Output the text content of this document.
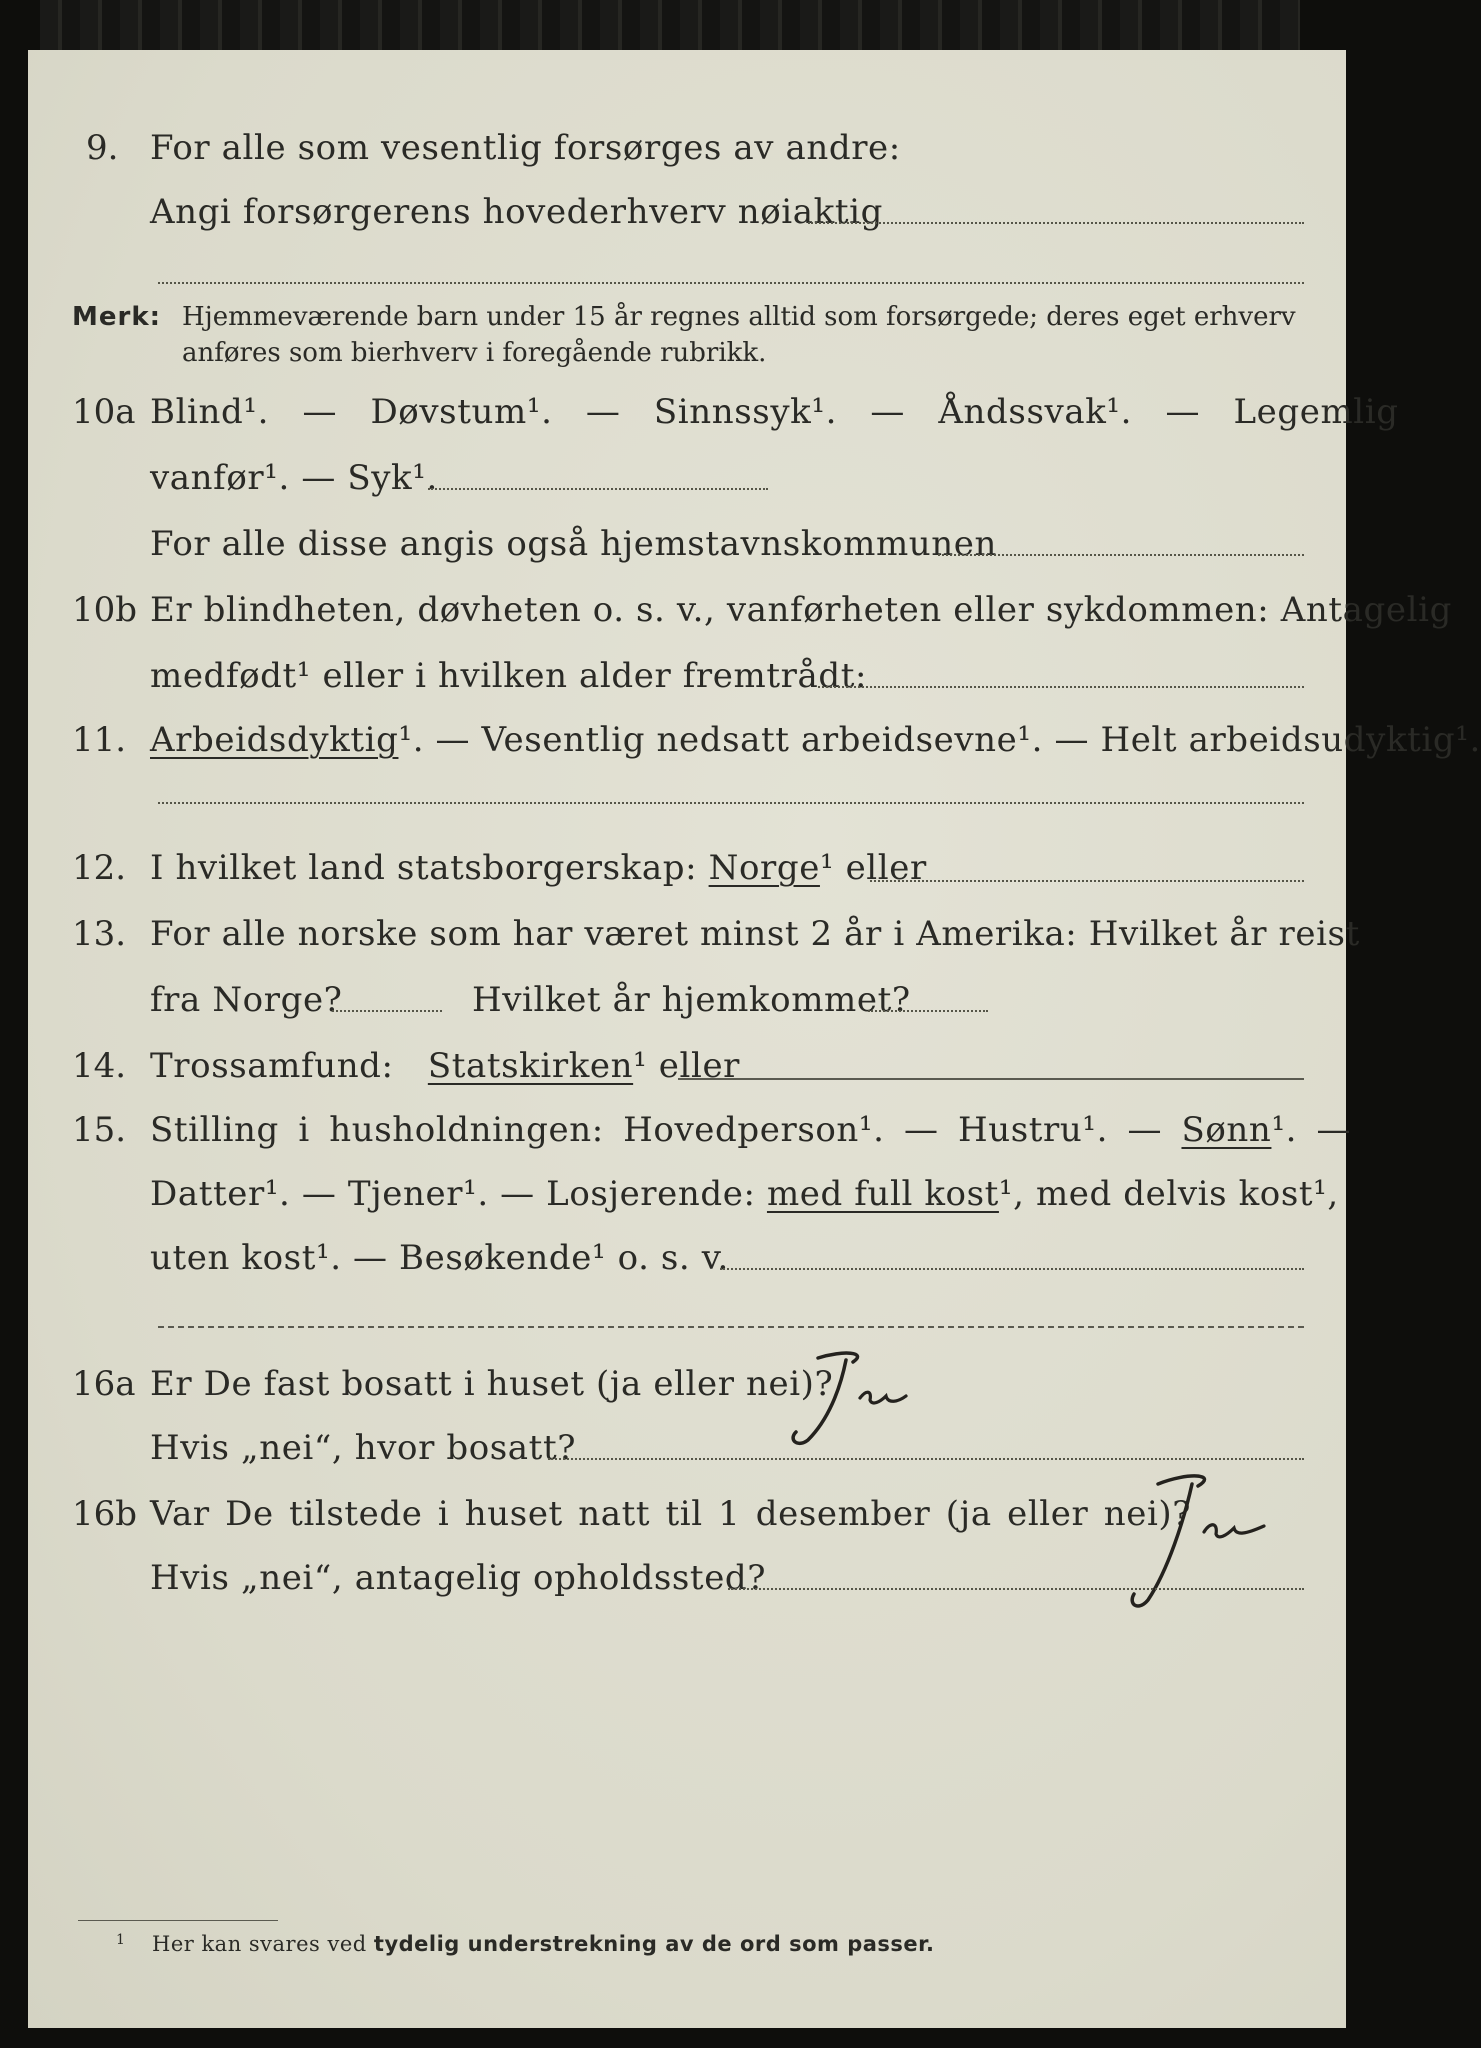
9. For alle som vesentlig forsørges av andre:
Angi forsørgerens hovederhverv nøiaktig
Merk: Hjemmeværende barn under 15 år regnes alltid som forsørgede; deres eget erhverv
anføres som bierhverv i foregående rubrikk.
10a Blind¹. — Døvstum¹. — Sinnssyk¹. — Åndssvak¹. — Legemlig
vanfør¹. — Syk¹.
For alle disse angis også hjemstavnskommunen
10b Er blindheten, døvheten o. s. v., vanførheten eller sykdommen: Antagelig
medfødt¹ eller i hvilken alder fremtrådt:
11. Arbeidsdyktig¹. — Vesentlig nedsatt arbeidsevne¹. — Helt arbeidsudyktig¹.
12. I hvilket land statsborgerskap: Norge¹ eller
13. For alle norske som har været minst 2 år i Amerika: Hvilket år reist
fra Norge?	Hvilket år hjemkommet?
14. Trossamfund: Statskirken¹ eller
15. Stilling i husholdningen: Hovedperson¹. — Hustru¹. — Sønn¹. —
Datter¹. — Tjener¹. — Losjerende: med full kost¹, med delvis kost¹,
uten kost¹. — Besøkende¹ o. s. v.
16a Er De fast bosatt i huset (ja eller nei)?
Ja
Hvis „nei“, hvor bosatt?
16b Var De tilstede i huset natt til 1 desember (ja eller nei)?
Ja
Hvis „nei“, antagelig opholdssted?
1 Her kan svares ved tydelig understrekning av de ord som passer.
